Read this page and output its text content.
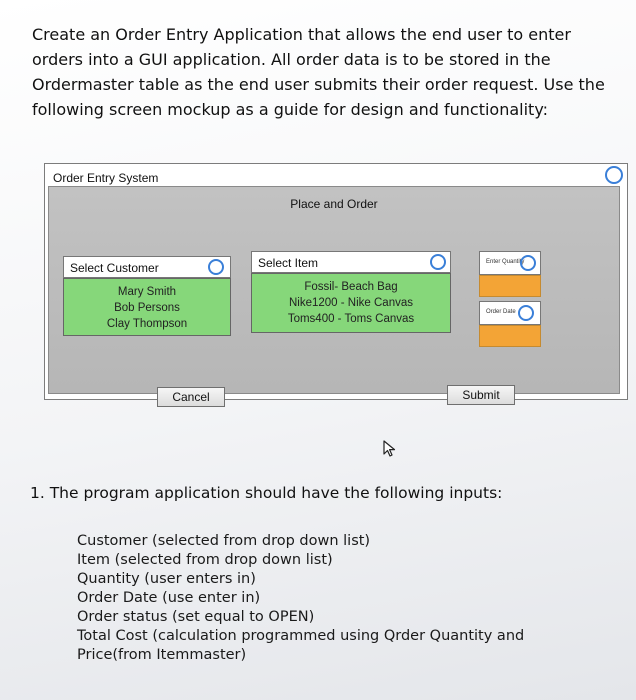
Create an Order Entry Application that allows the end user to enter
orders into a GUI application. All order data is to be stored in the
Ordermaster table as the end user submits their order request. Use the
following screen mockup as a guide for design and functionality:
Order Entry System
Place and Order
Select Customer
Mary Smith
Bob Persons
Clay Thompson
Select Item
Fossil- Beach Bag
Nike1200 - Nike Canvas
Toms400 - Toms Canvas
Enter Quantity
Order Date
Cancel	Submit
1. The program application should have the following inputs:
Customer (selected from drop down list)
Item (selected from drop down list)
Quantity (user enters in)
Order Date (use enter in)
Order status (set equal to OPEN)
Total Cost (calculation programmed using Qrder Quantity and
Price(from Itemmaster)
